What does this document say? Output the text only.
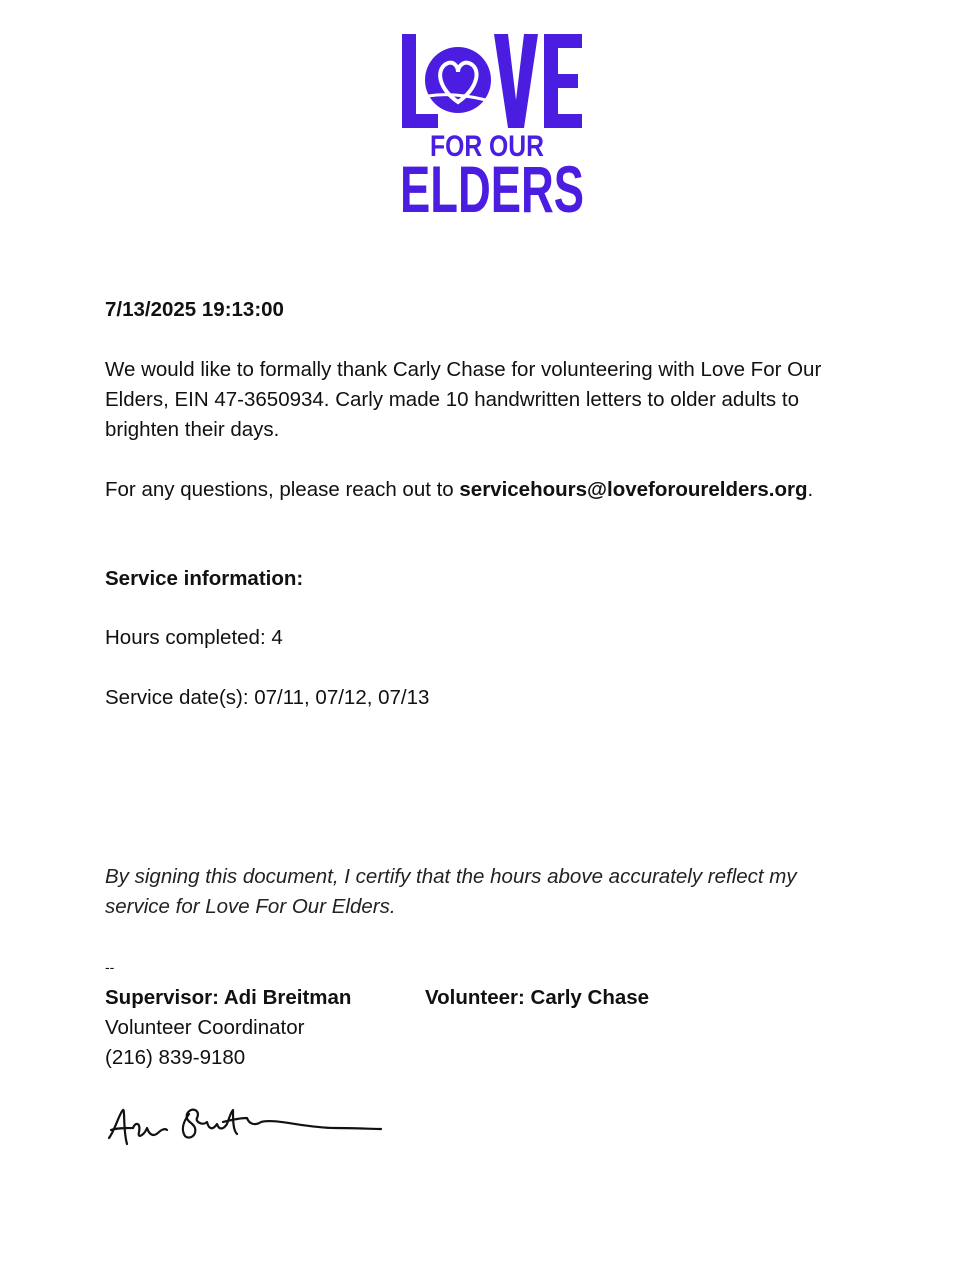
FOR OUR
ELDERS

7/13/2025 19:13:00

We would like to formally thank Carly Chase for volunteering with Love For Our Elders, EIN 47-3650934. Carly made 10 handwritten letters to older adults to brighten their days.

For any questions, please reach out to servicehours@loveforourelders.org.

Service information:

Hours completed: 4

Service date(s): 07/11, 07/12, 07/13

By signing this document, I certify that the hours above accurately reflect my service for Love For Our Elders.

--

Supervisor: Adi Breitman
Volunteer Coordinator
(216) 839-9180
Volunteer: Carly Chase
